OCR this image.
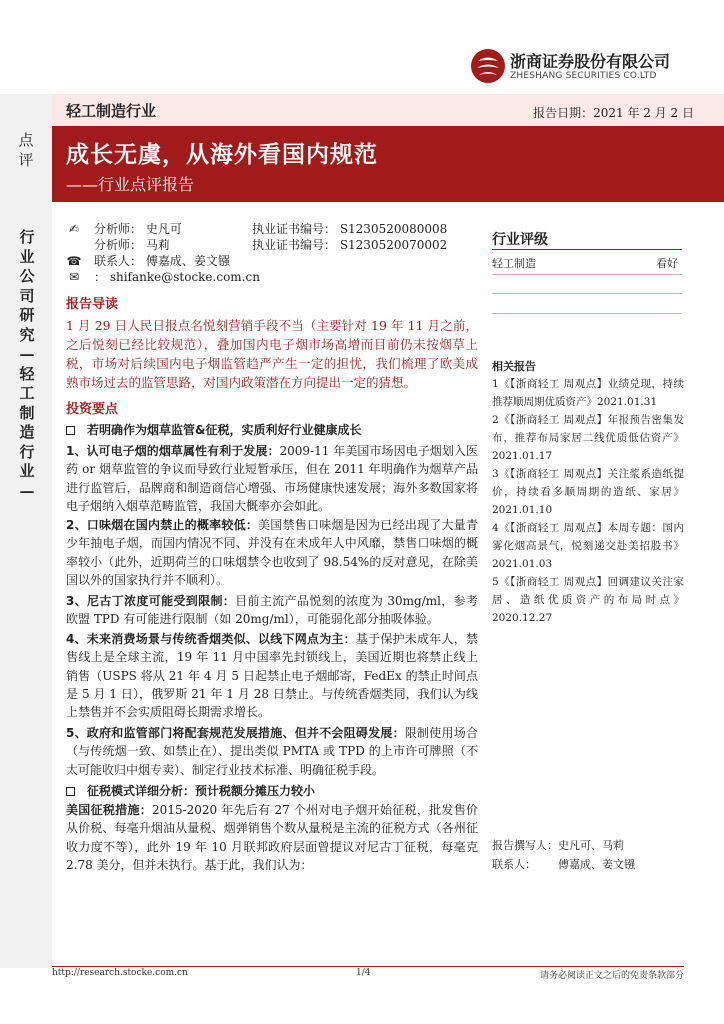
浙商证券股份有限公司
ZHESHANG SECURITIES CO.LTD
点评
行业公司研究—轻工制造行业—
轻工制造行业	报告日期：2021 年 2 月 2 日
成长无虞，从海外看国内规范
——行业点评报告
✍ 分析师： 史凡可	执业证书编号： S1230520080008
分析师： 马莉	执业证书编号： S1230520070002
☎ 联系人： 傅嘉成、姜文镪
✉ ： shifanke@stocke.com.cn
报告导读
1 月 29 日人民日报点名悦刻营销手段不当（主要针对 19 年 11 月之前，之后悦刻已经比较规范），叠加国内电子烟市场高增而目前仍未按烟草上税，市场对后续国内电子烟监管趋严产生一定的担忧，我们梳理了欧美成熟市场过去的监管思路，对国内政策潜在方向提出一定的猜想。
投资要点
若明确作为烟草监管&征税，实质利好行业健康成长
1、认可电子烟的烟草属性有利于发展：2009-11 年美国市场因电子烟划入医药 or 烟草监管的争议而导致行业短暂承压，但在 2011 年明确作为烟草产品进行监管后，品牌商和制造商信心增强、市场健康快速发展；海外多数国家将电子烟纳入烟草范畴监管，我国大概率亦会如此。
2、口味烟在国内禁止的概率较低：美国禁售口味烟是因为已经出现了大量青少年抽电子烟，而国内情况不同、并没有在未成年人中风靡，禁售口味烟的概率较小（此外，近期荷兰的口味烟禁令也收到了 98.54%的反对意见，在除美国以外的国家执行并不顺利）。
3、尼古丁浓度可能受到限制：目前主流产品悦刻的浓度为 30mg/ml，参考欧盟 TPD 有可能进行限制（如 20mg/ml），可能弱化部分抽吸体验。
4、未来消费场景与传统香烟类似、以线下网点为主：基于保护未成年人，禁售线上是全球主流，19 年 11 月中国率先封锁线上，美国近期也将禁止线上销售（USPS 将从 21 年 4 月 5 日起禁止电子烟邮寄，FedEx 的禁止时间点是 5 月 1 日），俄罗斯 21 年 1 月 28 日禁止。与传统香烟类同，我们认为线上禁售并不会实质阻碍长期需求增长。
5、政府和监管部门将配套规范发展措施、但并不会阻碍发展：限制使用场合（与传统烟一致、如禁止在）、提出类似 PMTA 或 TPD 的上市许可牌照（不太可能收归中烟专卖）、制定行业技术标准、明确征税手段。
征税模式详细分析：预计税额分摊压力较小
美国征税措施：2015-2020 年先后有 27 个州对电子烟开始征税，批发售价从价税、每毫升烟油从量税、烟弹销售个数从量税是主流的征税方式（各州征收力度不等），此外 19 年 10 月联邦政府层面曾提议对尼古丁征税，每毫克 2.78 美分，但并未执行。基于此，我们认为：
行业评级
轻工制造	看好
相关报告
1《【浙商轻工 周观点】业绩兑现，持续推荐顺周期优质资产》2021.01.31
2《【浙商轻工 周观点】年报预告密集发布，推荐布局家居二线优质低估资产》2021.01.17
3《【浙商轻工 周观点】关注浆系造纸提价，持续看多顺周期的造纸、家居》2021.01.10
4《【浙商轻工 周观点】本周专题：国内雾化烟高景气，悦刻递交赴美招股书》2021.01.03
5《【浙商轻工 周观点】回调建议关注家居、造纸优质资产的布局时点》2020.12.27
报告撰写人： 史凡可、马莉
联系人： 傅嘉成、姜文镪
http://research.stocke.com.cn	1/4	请务必阅读正文之后的免责条款部分
